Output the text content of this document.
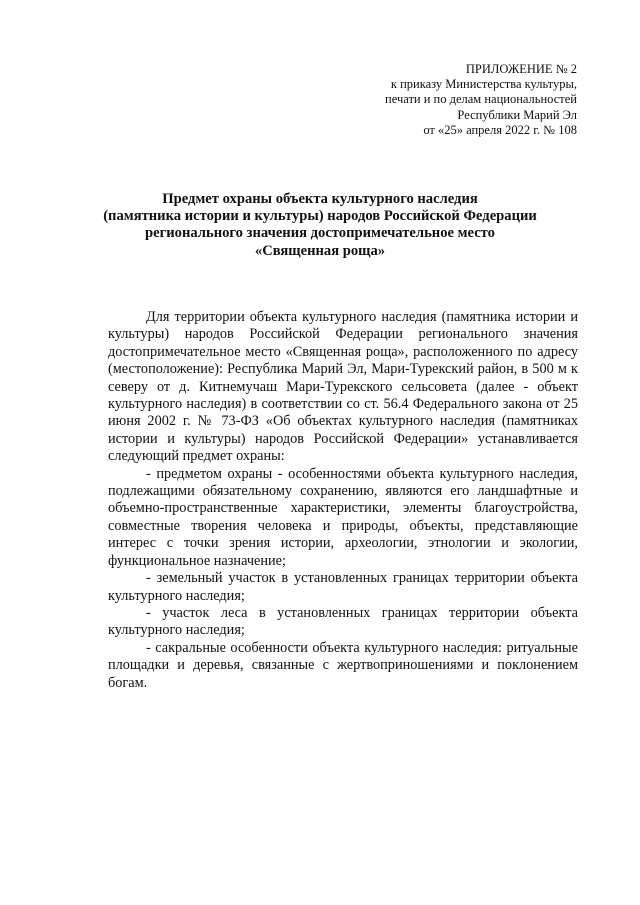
ПРИЛОЖЕНИЕ № 2
к приказу Министерства культуры,
печати и по делам национальностей
Республики Марий Эл
от «25» апреля 2022 г. № 108
Предмет охраны объекта культурного наследия
(памятника истории и культуры) народов Российской Федерации
регионального значения достопримечательное место
«Священная роща»

Для территории объекта культурного наследия (памятника истории и культуры) народов Российской Федерации регионального значения достопримечательное место «Священная роща», расположенного по адресу (местоположение): Республика Марий Эл, Мари-Турекский район, в 500 м к северу от д. Китнемучаш Мари-Турекского сельсовета (далее - объект культурного наследия) в соответствии со ст. 56.4 Федерального закона от 25 июня 2002 г. № 73-ФЗ «Об объектах культурного наследия (памятниках истории и культуры) народов Российской Федерации» устанавливается следующий предмет охраны:

- предметом охраны - особенностями объекта культурного наследия, подлежащими обязательному сохранению, являются его ландшафтные и объемно-пространственные характеристики, элементы благоустройства, совместные творения человека и природы, объекты, представляющие интерес с точки зрения истории, археологии, этнологии и экологии, функциональное назначение;

- земельный участок в установленных границах территории объекта культурного наследия;

- участок леса в установленных границах территории объекта культурного наследия;

- сакральные особенности объекта культурного наследия: ритуальные площадки и деревья, связанные с жертвоприношениями и поклонением богам.
